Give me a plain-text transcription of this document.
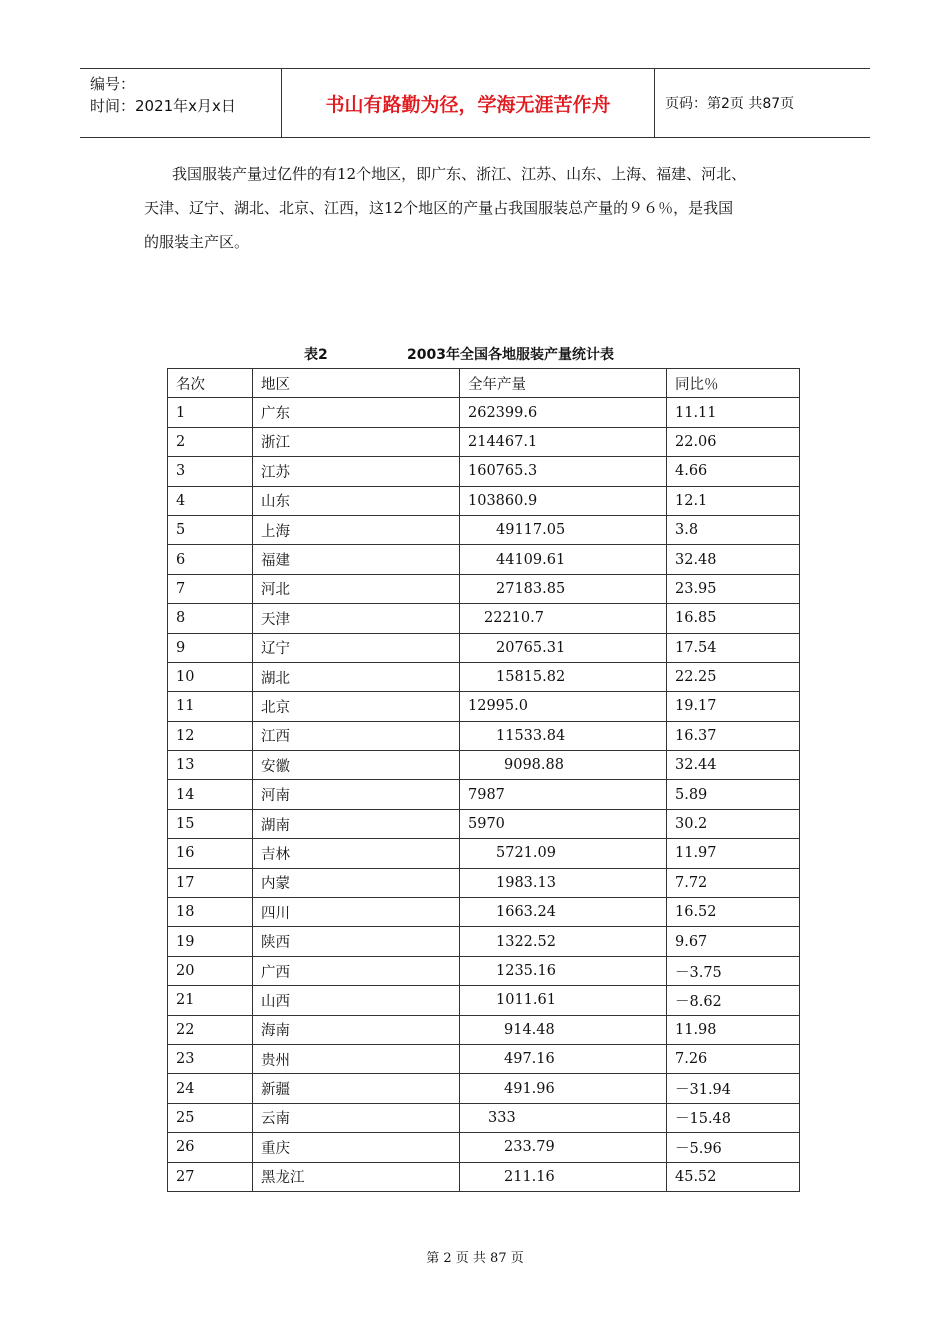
编号：
时间：2021年x月x日	书山有路勤为径，学海无涯苦作舟	页码：第2页 共87页

我国服装产量过亿件的有12个地区，即广东、浙江、江苏、山东、上海、福建、河北、

天津、辽宁、湖北、北京、江西，这12个地区的产量占我国服装总产量的９６％，是我国

的服装主产区。

表2	2003年全国各地服装产量统计表
名次	地区	全年产量	同比％
1	广东	262399.6	11.11
2	浙江	214467.1	22.06
3	江苏	160765.3	4.66
4	山东	103860.9	12.1
5	上海	49117.05	3.8
6	福建	44109.61	32.48
7	河北	27183.85	23.95
8	天津	22210.7	16.85
9	辽宁	20765.31	17.54
10	湖北	15815.82	22.25
11	北京	12995.0	19.17
12	江西	11533.84	16.37
13	安徽	9098.88	32.44
14	河南	7987	5.89
15	湖南	5970	30.2
16	吉林	5721.09	11.97
17	内蒙	1983.13	7.72
18	四川	1663.24	16.52
19	陕西	1322.52	9.67
20	广西	1235.16	－3.75
21	山西	1011.61	－8.62
22	海南	914.48	11.98
23	贵州	497.16	7.26
24	新疆	491.96	－31.94
25	云南	333	－15.48
26	重庆	233.79	－5.96
27	黑龙江	211.16	45.52
第 2 页 共 87 页
